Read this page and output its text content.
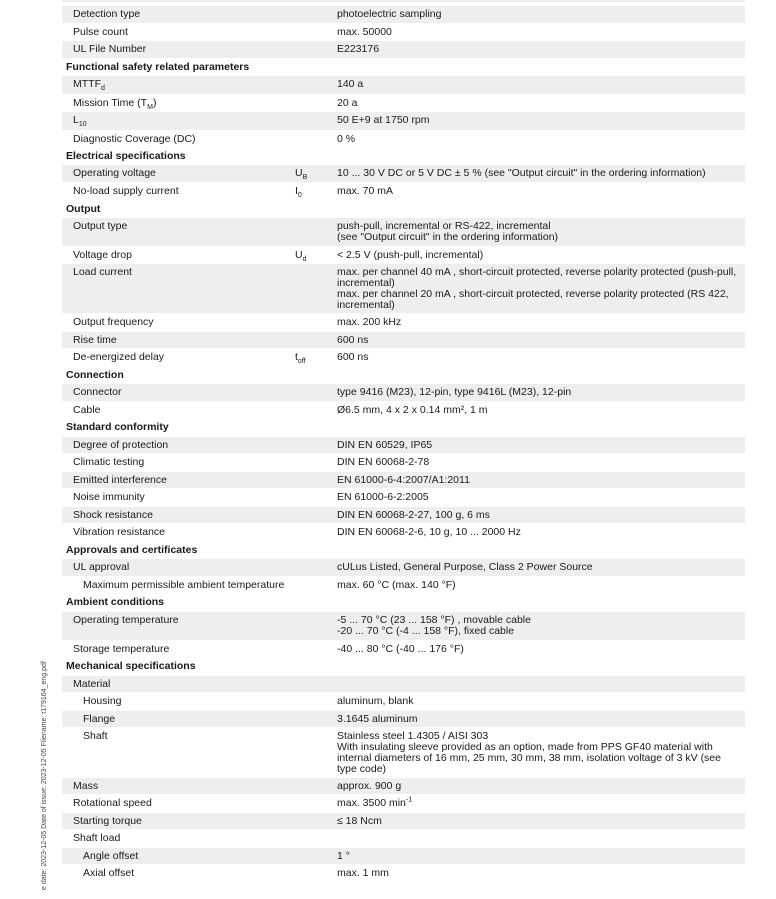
e date: 2023-12-05 Date of issue: 2023-12-05 Filename: t179164_eng.pdf
Detection type	photoelectric sampling
Pulse count	max. 50000
UL File Number	E223176
Functional safety related parameters
$MTTF_d$	140 a
Mission Time $(T_M)$	20 a
$L_{10}$	50 E+9 at 1750 rpm
Diagnostic Coverage (DC)	0 %
Electrical specifications
Operating voltage	$U_B$	10 ... 30 V DC or 5 V DC ± 5 % (see "Output circuit" in the ordering information)
No-load supply current	$I_0$	max. 70 mA
Output
Output type	push-pull, incremental or RS-422, incremental
(see "Output circuit" in the ordering information)
Voltage drop	$U_d$	< 2.5 V (push-pull, incremental)
Load current	max. per channel 40 mA , short-circuit protected, reverse polarity protected (push-pull,
incremental)
max. per channel 20 mA , short-circuit protected, reverse polarity protected (RS 422,
incremental)
Output frequency	max. 200 kHz
Rise time	600 ns
De-energized delay	$t_{off}$	600 ns
Connection
Connector	type 9416 (M23), 12-pin, type 9416L (M23), 12-pin
Cable	Ø6.5 mm, 4 x 2 x 0.14 mm², 1 m
Standard conformity
Degree of protection	DIN EN 60529, IP65
Climatic testing	DIN EN 60068-2-78
Emitted interference	EN 61000-6-4:2007/A1:2011
Noise immunity	EN 61000-6-2:2005
Shock resistance	DIN EN 60068-2-27, 100 g, 6 ms
Vibration resistance	DIN EN 60068-2-6, 10 g, 10 ... 2000 Hz
Approvals and certificates
UL approval	cULus Listed, General Purpose, Class 2 Power Source
Maximum permissible ambient temperature	max. 60 °C (max. 140 °F)
Ambient conditions
Operating temperature	-5 ... 70 °C (23 ... 158 °F) , movable cable
-20 ... 70 °C (-4 ... 158 °F), fixed cable
Storage temperature	-40 ... 80 °C (-40 ... 176 °F)
Mechanical specifications
Material
Housing	aluminum, blank
Flange	3.1645 aluminum
Shaft	Stainless steel 1.4305 / AISI 303
With insulating sleeve provided as an option, made from PPS GF40 material with
internal diameters of 16 mm, 25 mm, 30 mm, 38 mm, isolation voltage of 3 kV (see
type code)
Mass	approx. 900 g
Rotational speed	max. 3500 $\min^{-1}$
Starting torque	≤ 18 Ncm
Shaft load
Angle offset	1 °
Axial offset	max. 1 mm
